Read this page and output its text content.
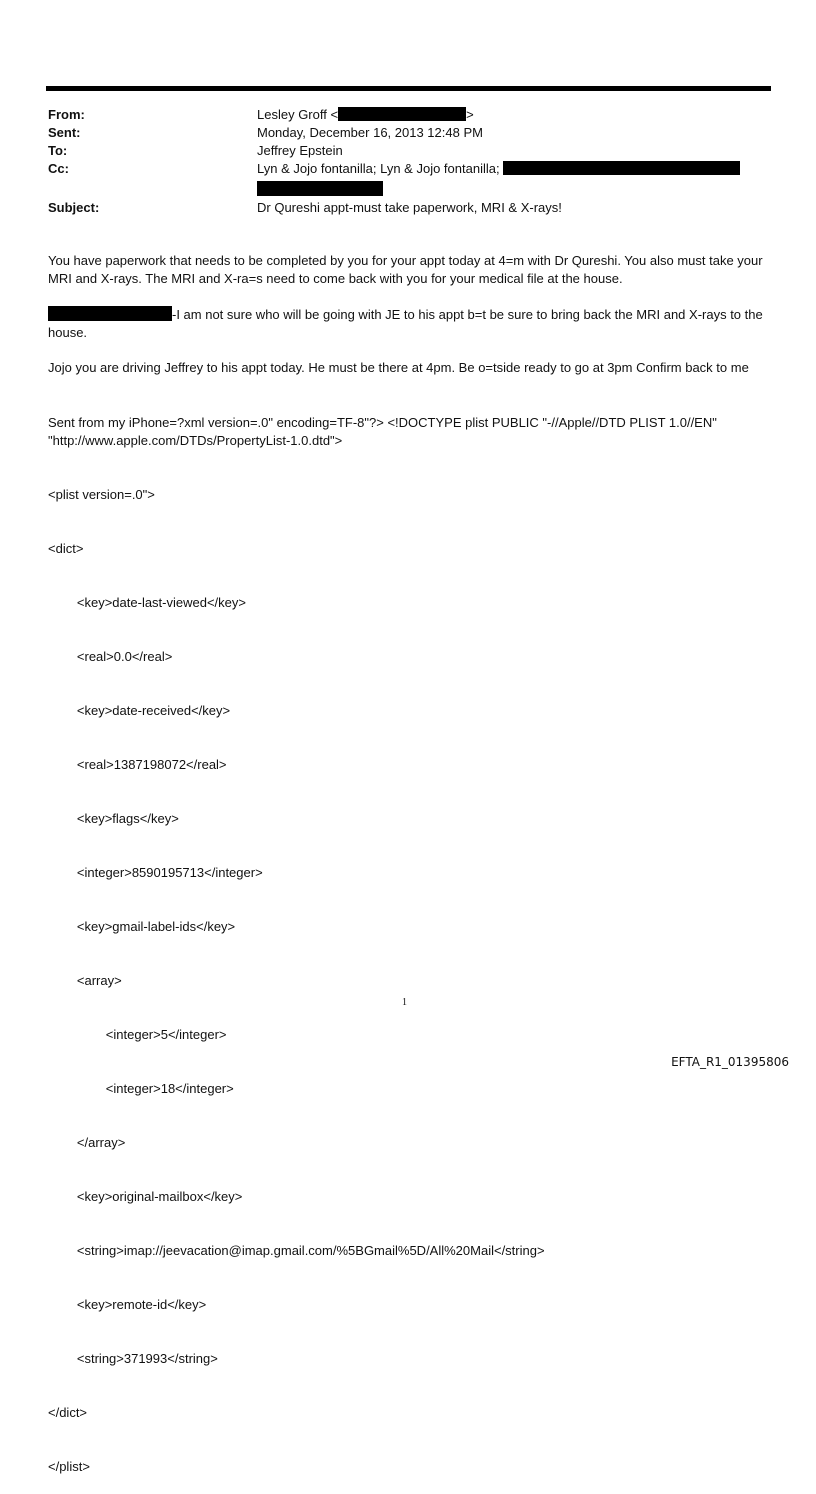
From:	Lesley Groff <	>
Sent:	Monday, December 16, 2013 12:48 PM
To:	Jeffrey Epstein
Cc:	Lyn & Jojo fontanilla; Lyn & Jojo fontanilla;
Subject:	Dr Qureshi appt-must take paperwork, MRI & X-rays!
You have paperwork that needs to be completed by you for your appt today at 4=m with Dr Qureshi. You also must take your MRI and X-rays. The MRI and X-ra=s need to come back with you for your medical file at the house.
-I am not sure who will be going with JE to his appt b=t be sure to bring back the MRI and X-rays to the house.
Jojo you are driving Jeffrey to his appt today. He must be there at 4pm. Be o=tside ready to go at 3pm Confirm back to me
Sent from my iPhone=?xml version=.0" encoding=TF-8"?> <!DOCTYPE plist PUBLIC "-//Apple//DTD PLIST 1.0//EN" "http://www.apple.com/DTDs/PropertyList-1.0.dtd">

<plist version=.0">

<dict>

<key>date-last-viewed</key>

<real>0.0</real>

<key>date-received</key>

<real>1387198072</real>

<key>flags</key>

<integer>8590195713</integer>

<key>gmail-label-ids</key>

<array>

<integer>5</integer>

<integer>18</integer>

</array>

<key>original-mailbox</key>

<string>imap://jeevacation@imap.gmail.com/%5BGmail%5D/All%20Mail</string>

<key>remote-id</key>

<string>371993</string>

</dict>

</plist>

1
EFTA_R1_01395806
